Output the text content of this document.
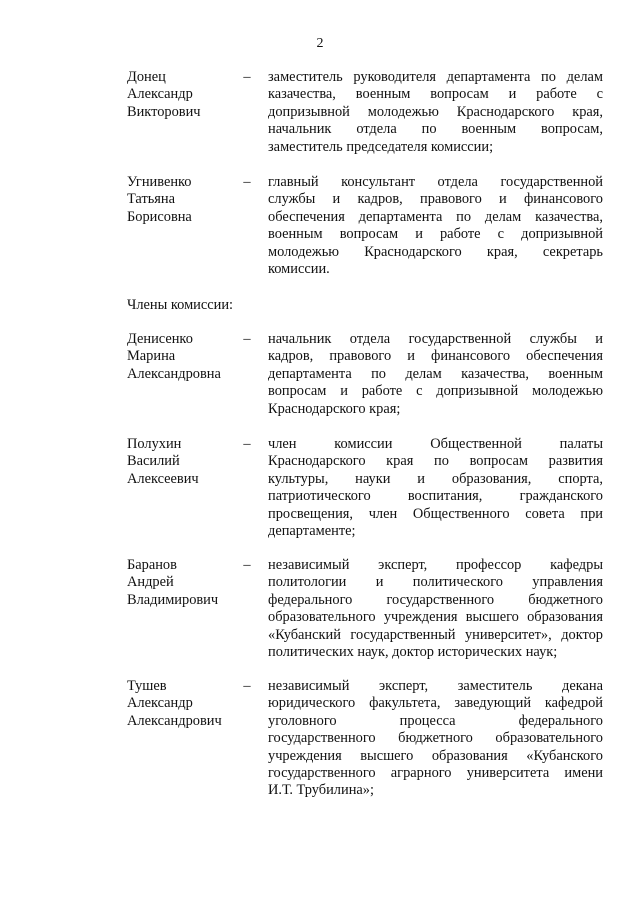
2
Донец
Александр
Викторович
–	заместитель руководителя департамента по делам
казачества, военным вопросам и работе с
допризывной молодежью Краснодарского края,
начальник отдела по военным вопросам,
заместитель председателя комиссии;
Угнивенко
Татьяна
Борисовна
–	главный консультант отдела государственной
службы и кадров, правового и финансового
обеспечения департамента по делам казачества,
военным вопросам и работе с допризывной
молодежью Краснодарского края, секретарь
комиссии.
Члены комиссии:
Денисенко
Марина
Александровна
–	начальник отдела государственной службы и
кадров, правового и финансового обеспечения
департамента по делам казачества, военным
вопросам и работе с допризывной молодежью
Краснодарского края;
Полухин
Василий
Алексеевич
–	член комиссии Общественной палаты
Краснодарского края по вопросам развития
культуры, науки и образования, спорта,
патриотического воспитания, гражданского
просвещения, член Общественного совета при
департаменте;
Баранов
Андрей
Владимирович
–	независимый эксперт, профессор кафедры
политологии и политического управления
федерального государственного бюджетного
образовательного учреждения высшего образования
«Кубанский государственный университет», доктор
политических наук, доктор исторических наук;
Тушев
Александр
Александрович
–	независимый эксперт, заместитель декана
юридического факультета, заведующий кафедрой
уголовного процесса федерального
государственного бюджетного образовательного
учреждения высшего образования «Кубанского
государственного аграрного университета имени
И.Т. Трубилина»;
